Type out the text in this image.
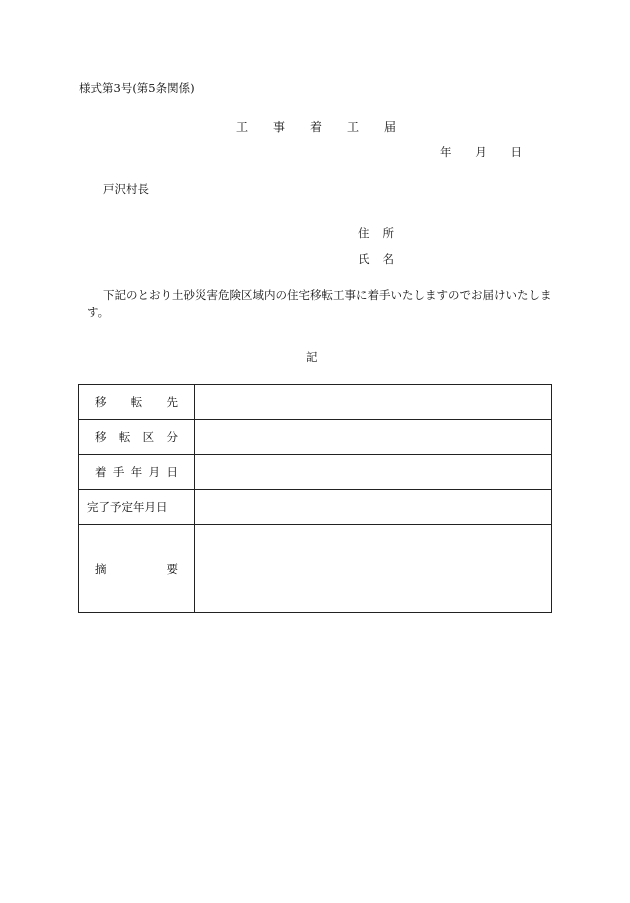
様式第3号(第5条関係)
工 事 着 工 届
年 月 日
戸沢村長
住 所
氏 名
下記のとおり土砂災害危険区域内の住宅移転工事に着手いたしますのでお届けいたします。
記
移 転 先	

移 転 区 分	

着 手 年 月 日	

完了予定年月日	

摘 要	
